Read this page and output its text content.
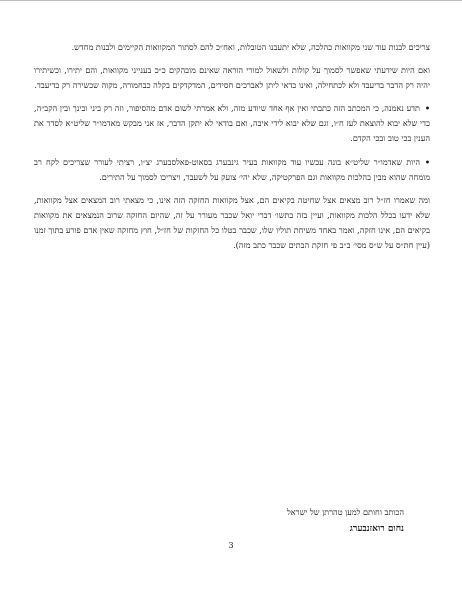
צריכים לבנות עוד שני מקוואות כהלכה, שלא יתעבנו הטובלות, ואח״כ להם לסתור המקוואות הקיימים ולבנות מחדש.

ואם היות שידעתי שאפשר לסמוך על קולות ולשאול למורי הוראה שאינם מובהקים כ״כ בענייני מקוואות, והם יתירו, וכשיתירו יהיה רק הדבר בדיעבד ולא לכתחילה, ואינו כדאי ליתן לאברכים חסידים, המדקדקים בקלה כבחמורה, מקוה שכשירה רק בדיעבד.

•תדע נאמנה, כי המכתב הזה כתבתי ואין אף אחד שיודע מזה, ולא אמרתי לשום אדם מהסיפור, וזה רק ביני ובינך ובין הקב״ה, כדי שלא יבוא להוצאת לעז ח״ו, וגם שלא יבוא לידי איבה, ואם בודאי לא יתקן הדבר, אז אני מבקש מאדמו״ר שליט״א לסדר את הענין בכי טוב ובכי הקדם.

•היות שאדמו״ר שליט״א בונה עכשיו עוד מקוואות בעיר גינבערג בסאוט-פאלסבערג יצ״ו, רציתי לעורר שצריכים לקח רב מומחה שהוא מבין בהלכות מקוואות וגם הפרקטיקה, שלא יהי׳ צועק על לשעבר, ויצריכו לסמוך על התירים.

ומה שאמרו חז״ל רוב מצאים אצל שחיטה בקיאים הם, אצל מקוואות החזקה הזה אינו, כי מצאתי רוב המצאים אצל מקוואות, שלא ידעו בכלל הלכות מקוואות, ועיין בזה בתשו׳ דברי יואל שכבר מעורר על זה, שהיום החזקה שרוב הנמצאים את מקוואות בקיאים הם, אינו חזקה, ואמר באחד משיחת תוליו שלו, שכבר בטלו כל החזקות של חז״ל, חוץ מחזקה שאין אדם פורע בתוך זמנו (עיין חת״ס על ש״ס מסי׳ ב״ב פי חזקת הבתים שכבר כתב מזה).

הכותב וחותם למען טהרתן של ישראל
נחום רואזנבערג
3
